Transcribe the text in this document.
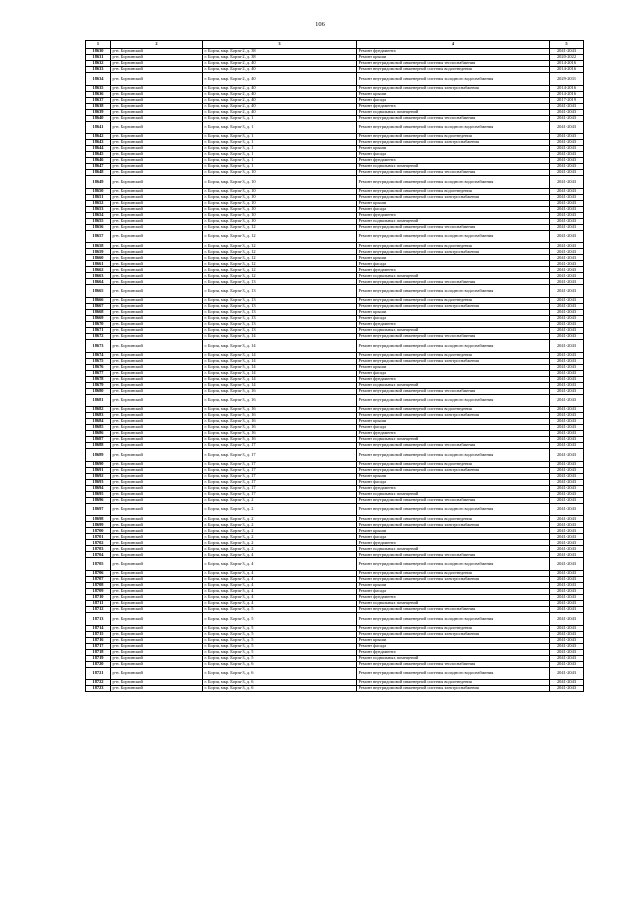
106
1	2	3	4	5
18630	р-н. Борзинский	г. Борзя, мкр. Борзя-2, д. 38	Ремонт фундамента	2041-2043
18631	р-н. Борзинский	г. Борзя, мкр. Борзя-2, д. 38	Ремонт крыши	2020-2022
18632	р-н. Борзинский	г. Борзя, мкр. Борзя-2, д. 40	Ремонт внутридомовой инженерной системы теплоснабжения	2014-2016
18633	р-н. Борзинский	г. Борзя, мкр. Борзя-2, д. 40	Ремонт внутридомовой инженерной системы водоотведения	2014-2016
18634	р-н. Борзинский	г. Борзя, мкр. Борзя-2, д. 40	Ремонт внутридомовой инженерной системы холодного водоснабжения	2029-2031
18635	р-н. Борзинский	г. Борзя, мкр. Борзя-2, д. 40	Ремонт внутридомовой инженерной системы электроснабжения	2014-2016
18636	р-н. Борзинский	г. Борзя, мкр. Борзя-2, д. 40	Ремонт крыши	2014-2016
18637	р-н. Борзинский	г. Борзя, мкр. Борзя-2, д. 40	Ремонт фасада	2017-2019
18638	р-н. Борзинский	г. Борзя, мкр. Борзя-2, д. 40	Ремонт фундамента	2041-2043
18639	р-н. Борзинский	г. Борзя, мкр. Борзя-2, д. 40	Ремонт подвальных помещений	2041-2043
18640	р-н. Борзинский	г. Борзя, мкр. Борзя-3, д. 1	Ремонт внутридомовой инженерной системы теплоснабжения	2041-2043
18641	р-н. Борзинский	г. Борзя, мкр. Борзя-3, д. 1	Ремонт внутридомовой инженерной системы холодного водоснабжения	2041-2043
18642	р-н. Борзинский	г. Борзя, мкр. Борзя-3, д. 1	Ремонт внутридомовой инженерной системы водоотведения	2041-2043
18643	р-н. Борзинский	г. Борзя, мкр. Борзя-3, д. 1	Ремонт внутридомовой инженерной системы электроснабжения	2041-2043
18644	р-н. Борзинский	г. Борзя, мкр. Борзя-3, д. 1	Ремонт крыши	2041-2043
18645	р-н. Борзинский	г. Борзя, мкр. Борзя-3, д. 1	Ремонт фасада	2041-2043
18646	р-н. Борзинский	г. Борзя, мкр. Борзя-3, д. 1	Ремонт фундамента	2041-2043
18647	р-н. Борзинский	г. Борзя, мкр. Борзя-3, д. 1	Ремонт подвальных помещений	2041-2043
18648	р-н. Борзинский	г. Борзя, мкр. Борзя-3, д. 10	Ремонт внутридомовой инженерной системы теплоснабжения	2041-2043
18649	р-н. Борзинский	г. Борзя, мкр. Борзя-3, д. 10	Ремонт внутридомовой инженерной системы холодного водоснабжения	2041-2043
18650	р-н. Борзинский	г. Борзя, мкр. Борзя-3, д. 10	Ремонт внутридомовой инженерной системы водоотведения	2041-2043
18651	р-н. Борзинский	г. Борзя, мкр. Борзя-3, д. 10	Ремонт внутридомовой инженерной системы электроснабжения	2041-2043
18652	р-н. Борзинский	г. Борзя, мкр. Борзя-3, д. 10	Ремонт крыши	2041-2043
18653	р-н. Борзинский	г. Борзя, мкр. Борзя-3, д. 10	Ремонт фасада	2041-2043
18654	р-н. Борзинский	г. Борзя, мкр. Борзя-3, д. 10	Ремонт фундамента	2041-2043
18655	р-н. Борзинский	г. Борзя, мкр. Борзя-3, д. 10	Ремонт подвальных помещений	2041-2043
18656	р-н. Борзинский	г. Борзя, мкр. Борзя-3, д. 12	Ремонт внутридомовой инженерной системы теплоснабжения	2041-2043
18657	р-н. Борзинский	г. Борзя, мкр. Борзя-3, д. 12	Ремонт внутридомовой инженерной системы холодного водоснабжения	2041-2043
18658	р-н. Борзинский	г. Борзя, мкр. Борзя-3, д. 12	Ремонт внутридомовой инженерной системы водоотведения	2041-2043
18659	р-н. Борзинский	г. Борзя, мкр. Борзя-3, д. 12	Ремонт внутридомовой инженерной системы электроснабжения	2041-2043
18660	р-н. Борзинский	г. Борзя, мкр. Борзя-3, д. 12	Ремонт крыши	2041-2043
18661	р-н. Борзинский	г. Борзя, мкр. Борзя-3, д. 12	Ремонт фасада	2041-2043
18662	р-н. Борзинский	г. Борзя, мкр. Борзя-3, д. 12	Ремонт фундамента	2041-2043
18663	р-н. Борзинский	г. Борзя, мкр. Борзя-3, д. 12	Ремонт подвальных помещений	2041-2043
18664	р-н. Борзинский	г. Борзя, мкр. Борзя-3, д. 13	Ремонт внутридомовой инженерной системы теплоснабжения	2041-2043
18665	р-н. Борзинский	г. Борзя, мкр. Борзя-3, д. 13	Ремонт внутридомовой инженерной системы холодного водоснабжения	2041-2043
18666	р-н. Борзинский	г. Борзя, мкр. Борзя-3, д. 13	Ремонт внутридомовой инженерной системы водоотведения	2041-2043
18667	р-н. Борзинский	г. Борзя, мкр. Борзя-3, д. 13	Ремонт внутридомовой инженерной системы электроснабжения	2041-2043
18668	р-н. Борзинский	г. Борзя, мкр. Борзя-3, д. 13	Ремонт крыши	2041-2043
18669	р-н. Борзинский	г. Борзя, мкр. Борзя-3, д. 13	Ремонт фасада	2041-2043
18670	р-н. Борзинский	г. Борзя, мкр. Борзя-3, д. 13	Ремонт фундамента	2041-2043
18671	р-н. Борзинский	г. Борзя, мкр. Борзя-3, д. 13	Ремонт подвальных помещений	2041-2043
18672	р-н. Борзинский	г. Борзя, мкр. Борзя-3, д. 14	Ремонт внутридомовой инженерной системы теплоснабжения	2041-2043
18673	р-н. Борзинский	г. Борзя, мкр. Борзя-3, д. 14	Ремонт внутридомовой инженерной системы холодного водоснабжения	2041-2043
18674	р-н. Борзинский	г. Борзя, мкр. Борзя-3, д. 14	Ремонт внутридомовой инженерной системы водоотведения	2041-2043
18675	р-н. Борзинский	г. Борзя, мкр. Борзя-3, д. 14	Ремонт внутридомовой инженерной системы электроснабжения	2041-2043
18676	р-н. Борзинский	г. Борзя, мкр. Борзя-3, д. 14	Ремонт крыши	2041-2043
18677	р-н. Борзинский	г. Борзя, мкр. Борзя-3, д. 14	Ремонт фасада	2041-2043
18678	р-н. Борзинский	г. Борзя, мкр. Борзя-3, д. 14	Ремонт фундамента	2041-2043
18679	р-н. Борзинский	г. Борзя, мкр. Борзя-3, д. 14	Ремонт подвальных помещений	2041-2043
18680	р-н. Борзинский	г. Борзя, мкр. Борзя-3, д. 16	Ремонт внутридомовой инженерной системы теплоснабжения	2041-2043
18681	р-н. Борзинский	г. Борзя, мкр. Борзя-3, д. 16	Ремонт внутридомовой инженерной системы холодного водоснабжения	2041-2043
18682	р-н. Борзинский	г. Борзя, мкр. Борзя-3, д. 16	Ремонт внутридомовой инженерной системы водоотведения	2041-2043
18683	р-н. Борзинский	г. Борзя, мкр. Борзя-3, д. 16	Ремонт внутридомовой инженерной системы электроснабжения	2041-2043
18684	р-н. Борзинский	г. Борзя, мкр. Борзя-3, д. 16	Ремонт крыши	2041-2043
18685	р-н. Борзинский	г. Борзя, мкр. Борзя-3, д. 16	Ремонт фасада	2041-2043
18686	р-н. Борзинский	г. Борзя, мкр. Борзя-3, д. 16	Ремонт фундамента	2041-2043
18687	р-н. Борзинский	г. Борзя, мкр. Борзя-3, д. 16	Ремонт подвальных помещений	2041-2043
18688	р-н. Борзинский	г. Борзя, мкр. Борзя-3, д. 17	Ремонт внутридомовой инженерной системы теплоснабжения	2041-2043
18689	р-н. Борзинский	г. Борзя, мкр. Борзя-3, д. 17	Ремонт внутридомовой инженерной системы холодного водоснабжения	2041-2043
18690	р-н. Борзинский	г. Борзя, мкр. Борзя-3, д. 17	Ремонт внутридомовой инженерной системы водоотведения	2041-2043
18691	р-н. Борзинский	г. Борзя, мкр. Борзя-3, д. 17	Ремонт внутридомовой инженерной системы электроснабжения	2041-2043
18692	р-н. Борзинский	г. Борзя, мкр. Борзя-3, д. 17	Ремонт крыши	2041-2043
18693	р-н. Борзинский	г. Борзя, мкр. Борзя-3, д. 17	Ремонт фасада	2041-2043
18694	р-н. Борзинский	г. Борзя, мкр. Борзя-3, д. 17	Ремонт фундамента	2041-2043
18695	р-н. Борзинский	г. Борзя, мкр. Борзя-3, д. 17	Ремонт подвальных помещений	2041-2043
18696	р-н. Борзинский	г. Борзя, мкр. Борзя-3, д. 2	Ремонт внутридомовой инженерной системы теплоснабжения	2041-2043
18697	р-н. Борзинский	г. Борзя, мкр. Борзя-3, д. 2	Ремонт внутридомовой инженерной системы холодного водоснабжения	2041-2043
18698	р-н. Борзинский	г. Борзя, мкр. Борзя-3, д. 2	Ремонт внутридомовой инженерной системы водоотведения	2041-2043
18699	р-н. Борзинский	г. Борзя, мкр. Борзя-3, д. 2	Ремонт внутридомовой инженерной системы электроснабжения	2041-2043
18700	р-н. Борзинский	г. Борзя, мкр. Борзя-3, д. 2	Ремонт крыши	2041-2043
18701	р-н. Борзинский	г. Борзя, мкр. Борзя-3, д. 2	Ремонт фасада	2041-2043
18702	р-н. Борзинский	г. Борзя, мкр. Борзя-3, д. 2	Ремонт фундамента	2041-2043
18703	р-н. Борзинский	г. Борзя, мкр. Борзя-3, д. 2	Ремонт подвальных помещений	2041-2043
18704	р-н. Борзинский	г. Борзя, мкр. Борзя-3, д. 4	Ремонт внутридомовой инженерной системы теплоснабжения	2041-2043
18705	р-н. Борзинский	г. Борзя, мкр. Борзя-3, д. 4	Ремонт внутридомовой инженерной системы холодного водоснабжения	2041-2043
18706	р-н. Борзинский	г. Борзя, мкр. Борзя-3, д. 4	Ремонт внутридомовой инженерной системы водоотведения	2041-2043
18707	р-н. Борзинский	г. Борзя, мкр. Борзя-3, д. 4	Ремонт внутридомовой инженерной системы электроснабжения	2041-2043
18708	р-н. Борзинский	г. Борзя, мкр. Борзя-3, д. 4	Ремонт крыши	2041-2043
18709	р-н. Борзинский	г. Борзя, мкр. Борзя-3, д. 4	Ремонт фасада	2041-2043
18710	р-н. Борзинский	г. Борзя, мкр. Борзя-3, д. 4	Ремонт фундамента	2041-2043
18711	р-н. Борзинский	г. Борзя, мкр. Борзя-3, д. 4	Ремонт подвальных помещений	2041-2043
18712	р-н. Борзинский	г. Борзя, мкр. Борзя-3, д. 5	Ремонт внутридомовой инженерной системы теплоснабжения	2041-2043
18713	р-н. Борзинский	г. Борзя, мкр. Борзя-3, д. 5	Ремонт внутридомовой инженерной системы холодного водоснабжения	2041-2043
18714	р-н. Борзинский	г. Борзя, мкр. Борзя-3, д. 5	Ремонт внутридомовой инженерной системы водоотведения	2041-2043
18715	р-н. Борзинский	г. Борзя, мкр. Борзя-3, д. 5	Ремонт внутридомовой инженерной системы электроснабжения	2041-2043
18716	р-н. Борзинский	г. Борзя, мкр. Борзя-3, д. 5	Ремонт крыши	2041-2043
18717	р-н. Борзинский	г. Борзя, мкр. Борзя-3, д. 5	Ремонт фасада	2041-2043
18718	р-н. Борзинский	г. Борзя, мкр. Борзя-3, д. 5	Ремонт фундамента	2041-2043
18719	р-н. Борзинский	г. Борзя, мкр. Борзя-3, д. 5	Ремонт подвальных помещений	2041-2043
18720	р-н. Борзинский	г. Борзя, мкр. Борзя-3, д. 6	Ремонт внутридомовой инженерной системы теплоснабжения	2041-2043
18721	р-н. Борзинский	г. Борзя, мкр. Борзя-3, д. 6	Ремонт внутридомовой инженерной системы холодного водоснабжения	2041-2043
18722	р-н. Борзинский	г. Борзя, мкр. Борзя-3, д. 6	Ремонт внутридомовой инженерной системы водоотведения	2041-2043
18723	р-н. Борзинский	г. Борзя, мкр. Борзя-3, д. 6	Ремонт внутридомовой инженерной системы электроснабжения	2041-2043
